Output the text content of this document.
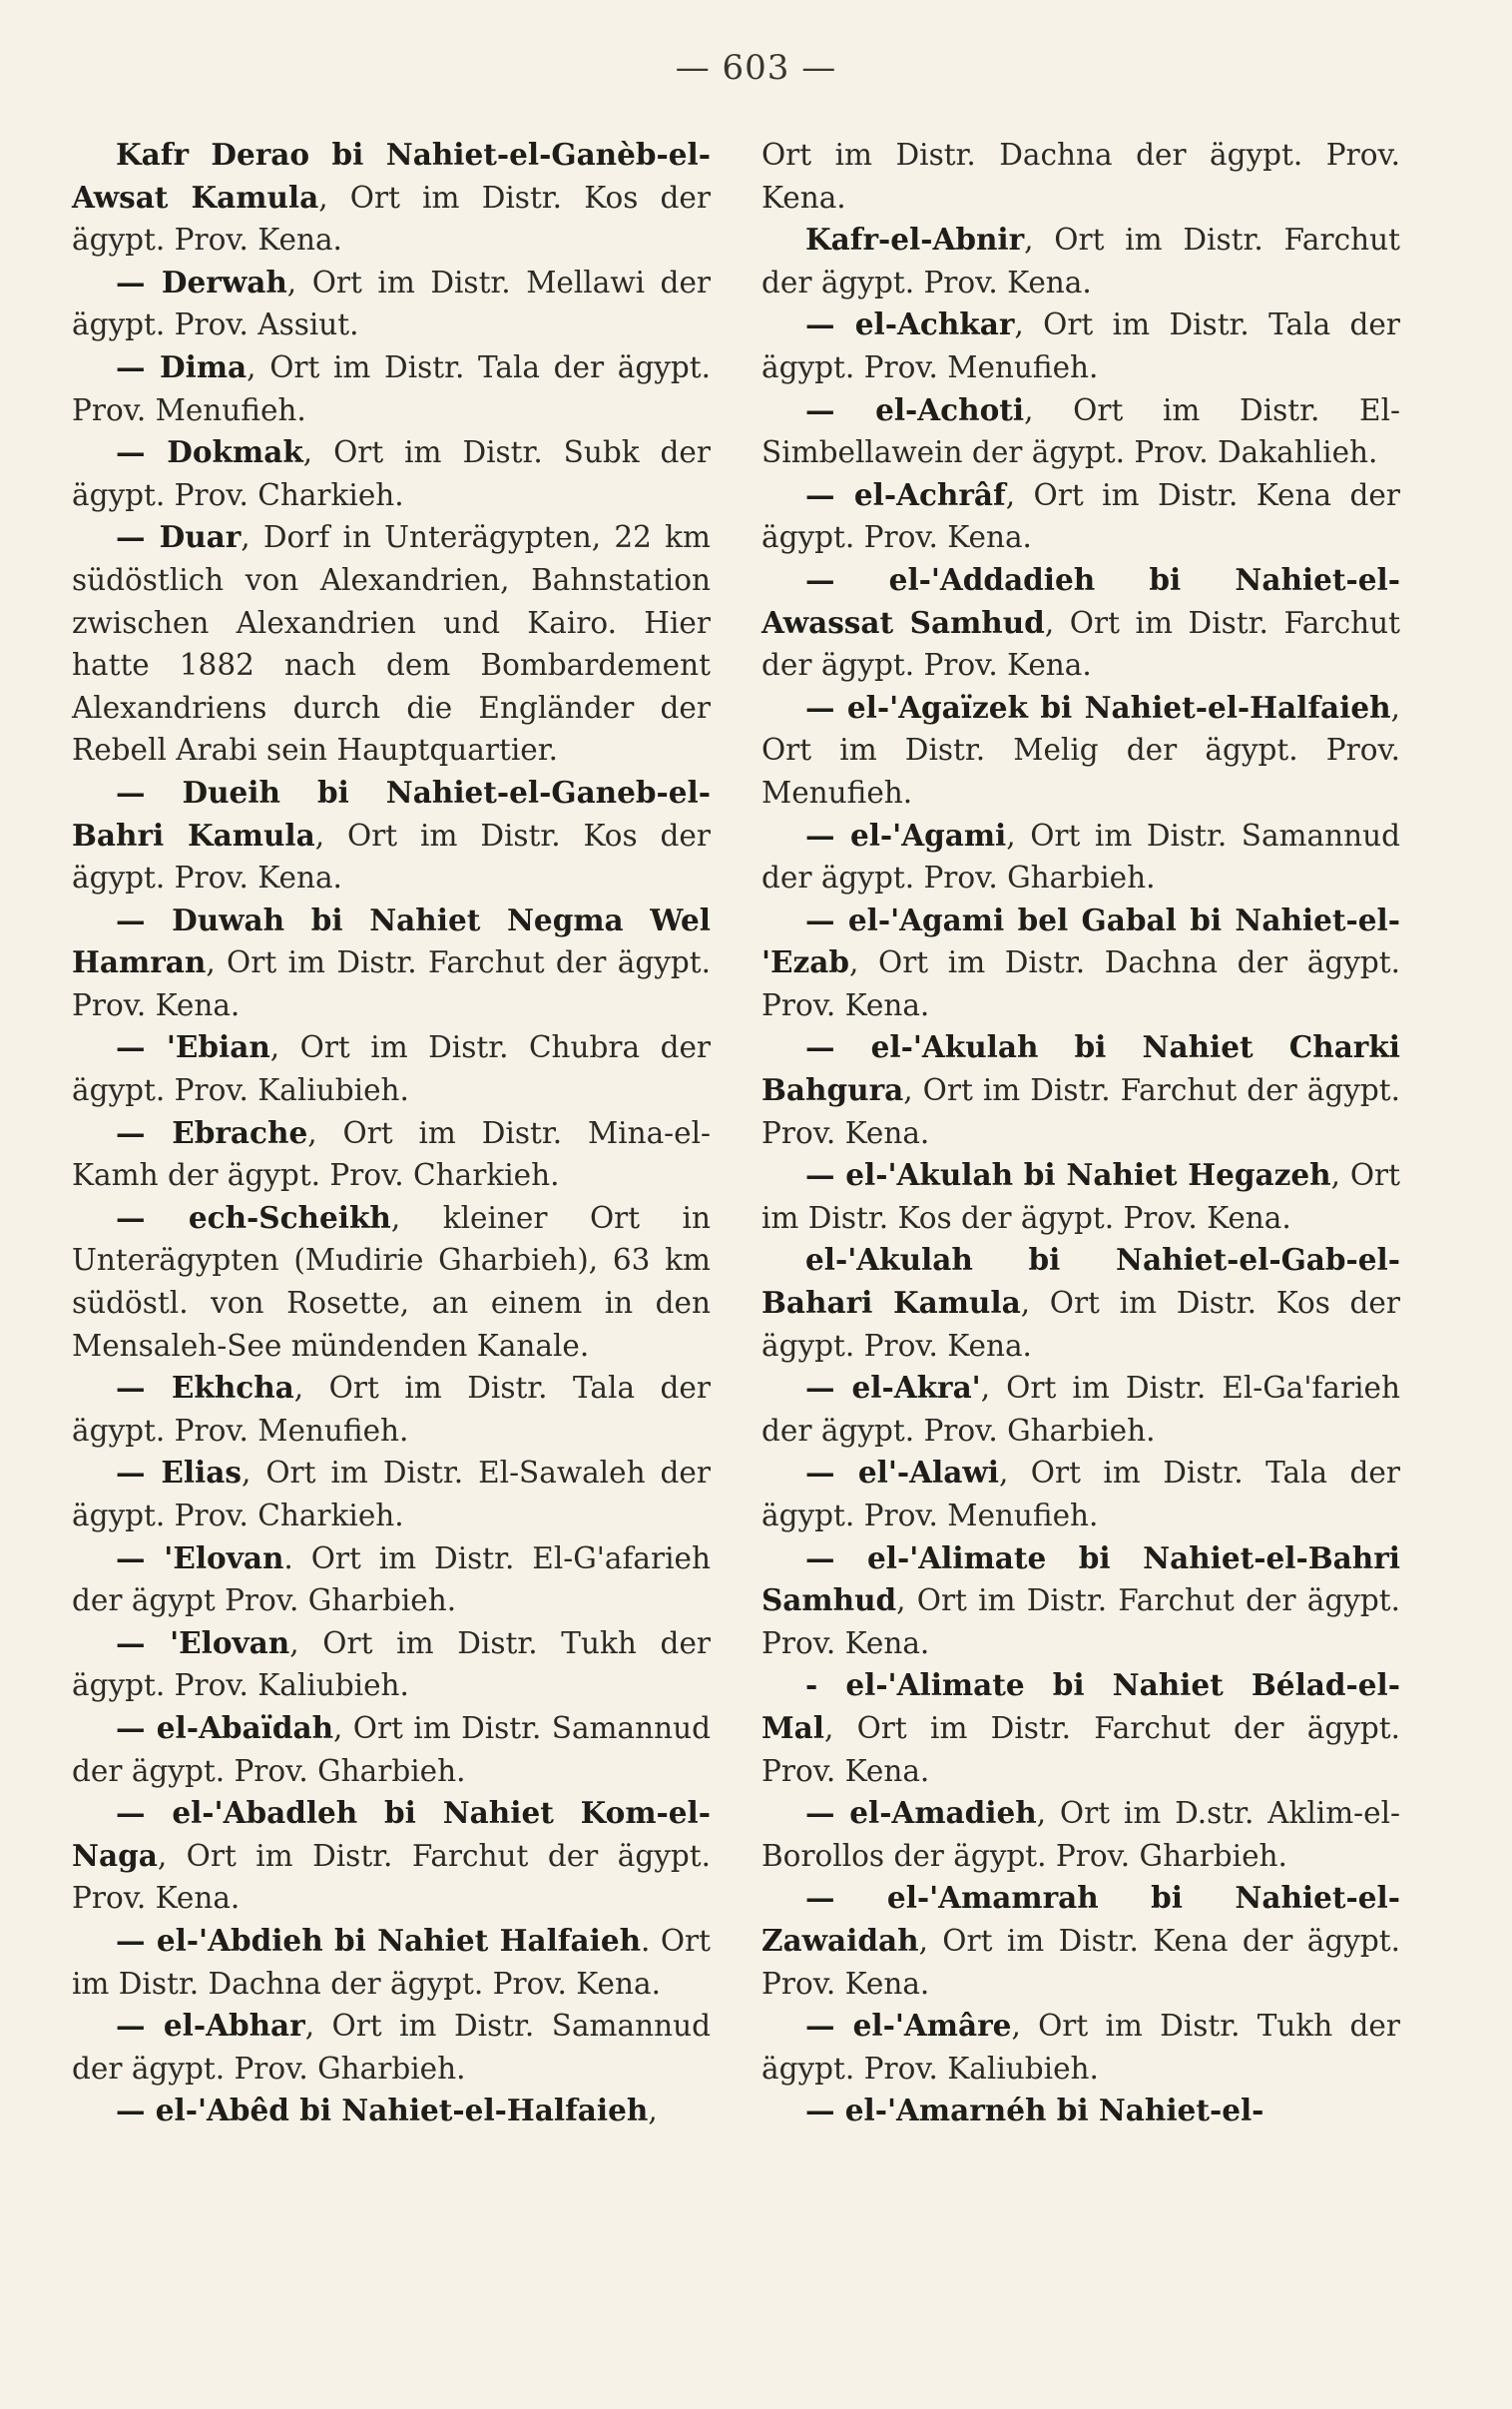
— 603 —

Kafr Derao bi Nahiet-el-Ganèb-el-Awsat Kamula, Ort im Distr. Kos der ägypt. Prov. Kena.

— Derwah, Ort im Distr. Mellawi der ägypt. Prov. Assiut.

— Dima, Ort im Distr. Tala der ägypt. Prov. Menufieh.

— Dokmak, Ort im Distr. Subk der ägypt. Prov. Charkieh.

— Duar, Dorf in Unterägypten, 22 km südöstlich von Alexandrien, Bahnstation zwischen Alexandrien und Kairo. Hier hatte 1882 nach dem Bombardement Alexandriens durch die Engländer der Rebell Arabi sein Hauptquartier.

— Dueih bi Nahiet-el-Ganeb-el-Bahri Kamula, Ort im Distr. Kos der ägypt. Prov. Kena.

— Duwah bi Nahiet Negma Wel Hamran, Ort im Distr. Farchut der ägypt. Prov. Kena.

— 'Ebian, Ort im Distr. Chubra der ägypt. Prov. Kaliubieh.

— Ebrache, Ort im Distr. Mina-el-Kamh der ägypt. Prov. Charkieh.

— ech-Scheikh, kleiner Ort in Unterägypten (Mudirie Gharbieh), 63 km südöstl. von Rosette, an einem in den Mensaleh-See mündenden Kanale.

— Ekhcha, Ort im Distr. Tala der ägypt. Prov. Menufieh.

— Elias, Ort im Distr. El-Sawaleh der ägypt. Prov. Charkieh.

— 'Elovan. Ort im Distr. El-G'afarieh der ägypt Prov. Gharbieh.

— 'Elovan, Ort im Distr. Tukh der ägypt. Prov. Kaliubieh.

— el-Abaïdah, Ort im Distr. Samannud der ägypt. Prov. Gharbieh.

— el-'Abadleh bi Nahiet Kom-el-Naga, Ort im Distr. Farchut der ägypt. Prov. Kena.

— el-'Abdieh bi Nahiet Halfaieh. Ort im Distr. Dachna der ägypt. Prov. Kena.

— el-Abhar, Ort im Distr. Samannud der ägypt. Prov. Gharbieh.

— el-'Abêd bi Nahiet-el-Halfaieh,

Ort im Distr. Dachna der ägypt. Prov. Kena.

Kafr-el-Abnir, Ort im Distr. Farchut der ägypt. Prov. Kena.

— el-Achkar, Ort im Distr. Tala der ägypt. Prov. Menufieh.

— el-Achoti, Ort im Distr. El-Simbellawein der ägypt. Prov. Dakahlieh.

— el-Achrâf, Ort im Distr. Kena der ägypt. Prov. Kena.

— el-'Addadieh bi Nahiet-el-Awassat Samhud, Ort im Distr. Farchut der ägypt. Prov. Kena.

— el-'Agaïzek bi Nahiet-el-Halfaieh, Ort im Distr. Melig der ägypt. Prov. Menufieh.

— el-'Agami, Ort im Distr. Samannud der ägypt. Prov. Gharbieh.

— el-'Agami bel Gabal bi Nahiet-el-'Ezab, Ort im Distr. Dachna der ägypt. Prov. Kena.

— el-'Akulah bi Nahiet Charki Bahgura, Ort im Distr. Farchut der ägypt. Prov. Kena.

— el-'Akulah bi Nahiet Hegazeh, Ort im Distr. Kos der ägypt. Prov. Kena.

el-'Akulah bi Nahiet-el-Gab-el-Bahari Kamula, Ort im Distr. Kos der ägypt. Prov. Kena.

— el-Akra', Ort im Distr. El-Ga'farieh der ägypt. Prov. Gharbieh.

— el'-Alawi, Ort im Distr. Tala der ägypt. Prov. Menufieh.

— el-'Alimate bi Nahiet-el-Bahri Samhud, Ort im Distr. Farchut der ägypt. Prov. Kena.

- el-'Alimate bi Nahiet Bélad-el-Mal, Ort im Distr. Farchut der ägypt. Prov. Kena.

— el-Amadieh, Ort im D.str. Aklim-el-Borollos der ägypt. Prov. Gharbieh.

— el-'Amamrah bi Nahiet-el-Zawaidah, Ort im Distr. Kena der ägypt. Prov. Kena.

— el-'Amâre, Ort im Distr. Tukh der ägypt. Prov. Kaliubieh.

— el-'Amarnéh bi Nahiet-el-
